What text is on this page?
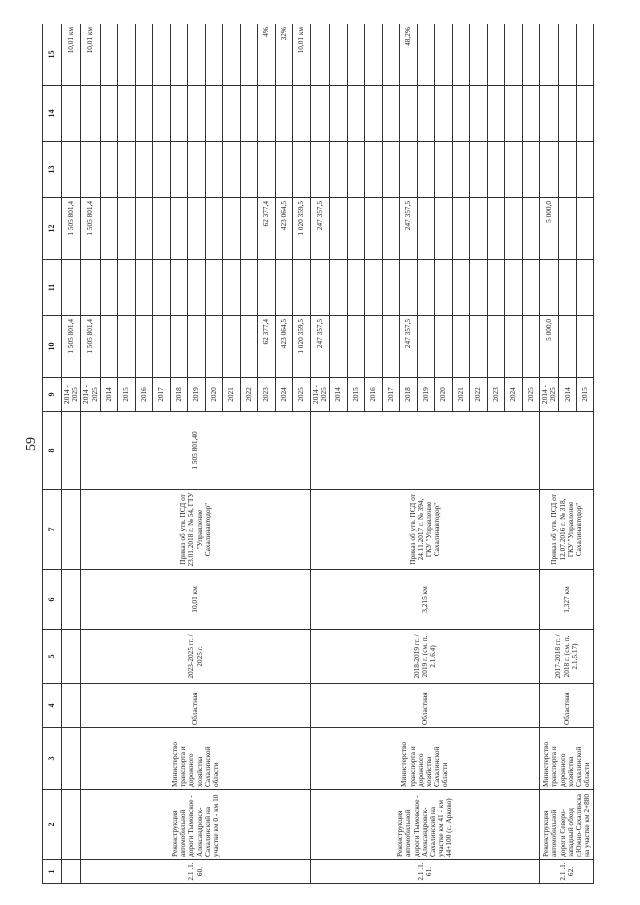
59
1	2	3	4	5	6	7	8	9	10	11	12	13	14	15
								2014 - 2025	1 505 801,4		1 505 801,4			10,01 км
2.1 .1. 60.	Реконструкция автомобильной дороги Тымовское - Александровск-Сахалинский на участке км 0 - км 10	Министерство транспорта и дорожного хозяйства Сахалинской области	Областная	2023-2025 гг. / 2025 г.	10,01 км	Приказ об утв. ПСД от 23.01.2018 г. № 54, ГТУ "Управление Сахалинавтодор"	1 505 801,40	2014 - 2025	1 505 801,4		1 505 801,4			10,01 км
								2014						
								2015						
								2016						
								2017						
								2018						
								2019						
								2020						
								2021						
								2022						
								2023	62 377,4		62 377,4			4%
								2024	423 064,5		423 064,5			32%
								2025	1 020 359,5		1 020 359,5			10,01 км
2.1 .1. 61.	Реконструкция автомобильной дороги Тымовское - Александровск-Сахалинский на участке км 41 - км 44+100 (с. Арково)	Министерство транспорта и дорожного хозяйства Сахалинской области	Областная	2018-2019 гг. / 2019 г. (см. п. 2.1.6.4)	3,215 км	Приказ об утв. ПСД от 24.11.2017 г. № 394, ГКУ "Управление Сахалинавтодор"		2014 - 2025	247 357,5		247 357,5			
								2014						
								2015						
								2016						
								2017						
								2018	247 357,5		247 357,5			48,2%
								2019						
								2020						
								2021						
								2022						
								2023						
								2024						
								2025						
2.1 .1. 62.	Реконструкция автомобильной дороги Северо-западный обход г.Южно-Сахалинска на участке км 2+880	Министерство транспорта и дорожного хозяйства Сахалинской области	Областная	2017-2018 гг. / 2018 г. (см. п. 2.1.5.17)	1,327 км	Приказ об утв. ПСД от 12.07.2016 г. № 318, ГКУ "Управление Сахалинавтодор"		2014 - 2025	5 000,0		5 000,0			
								2014						
								2015						
